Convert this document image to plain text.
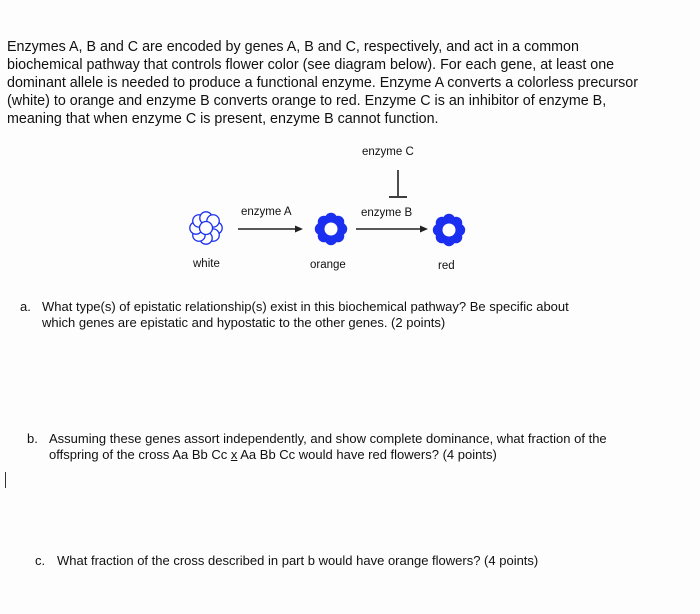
Enzymes A, B and C are encoded by genes A, B and C, respectively, and act in a common
biochemical pathway that controls flower color (see diagram below). For each gene, at least one
dominant allele is needed to produce a functional enzyme. Enzyme A converts a colorless precursor
(white) to orange and enzyme B converts orange to red. Enzyme C is an inhibitor of enzyme B,
meaning that when enzyme C is present, enzyme B cannot function.
enzyme C
enzyme A	enzyme B
white	orange	red
a. What type(s) of epistatic relationship(s) exist in this biochemical pathway? Be specific about
which genes are epistatic and hypostatic to the other genes. (2 points)
b. Assuming these genes assort independently, and show complete dominance, what fraction of the
offspring of the cross Aa Bb Cc x Aa Bb Cc would have red flowers? (4 points)
c. What fraction of the cross described in part b would have orange flowers? (4 points)
